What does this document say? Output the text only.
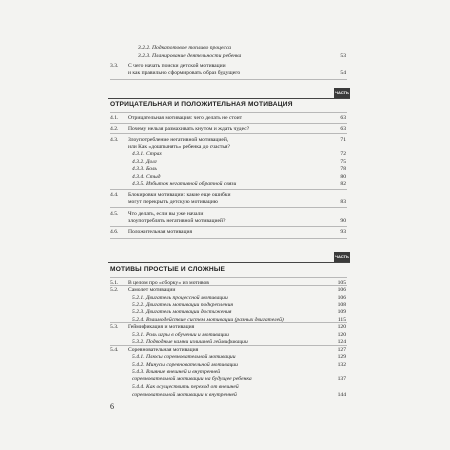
3.2.2. Подкапотовое топливо процесса
3.2.3. Планирование деятельности ребенка	53
3.3. С чего начать поиски детской мотивации
и как правильно сформировать образ будущего	54
ЧАСТЬ
ОТРИЦАТЕЛЬНАЯ И ПОЛОЖИТЕЛЬНАЯ МОТИВАЦИЯ
4.1. Отрицательная мотивация: чего делать не стоит	63
4.2. Почему нельзя размахивать кнутом и ждать чудес?	63
4.3. Злоупотребление негативной мотивацией,	71
или Как «дошпынять» ребенка до счастья?
4.3.1. Страх	72
4.3.2. Долг	75
4.3.3. Боль	78
4.3.4. Стыд	80
4.3.5. Избыток негативной обратной связи	82
4.4. Блокировки мотивации: какие еще ошибки
могут перекрыть детскую мотивацию	83
4.5. Что делать, если вы уже начали
злоупотреблять негативной мотивацией?	90
4.6. Положительная мотивация	93
ЧАСТЬ
МОТИВЫ ПРОСТЫЕ И СЛОЖНЫЕ
5.1. В целом про «сборку» из мотивов	105
5.2. Самолет мотивации	106
5.2.1. Двигатель процессной мотивации	106
5.2.2. Двигатель мотивации подкрепления	108
5.2.3. Двигатель мотивации достижения	109
5.2.4. Взаимодействие систем мотивации (разных двигателей)	115
5.3. Геймификация и мотивация	120
5.3.1. Роль игры в обучении и мотивации	120
5.3.2. Подводные камни излишней геймификации	124
5.4. Соревновательная мотивация	127
5.4.1. Плюсы соревновательной мотивации	129
5.4.2. Минусы соревновательной мотивации	132
5.4.3. Влияние внешней и внутренней
соревновательной мотивации на будущее ребенка	137
5.4.4. Как осуществить переход от внешней
соревновательной мотивации к внутренней	144
6
